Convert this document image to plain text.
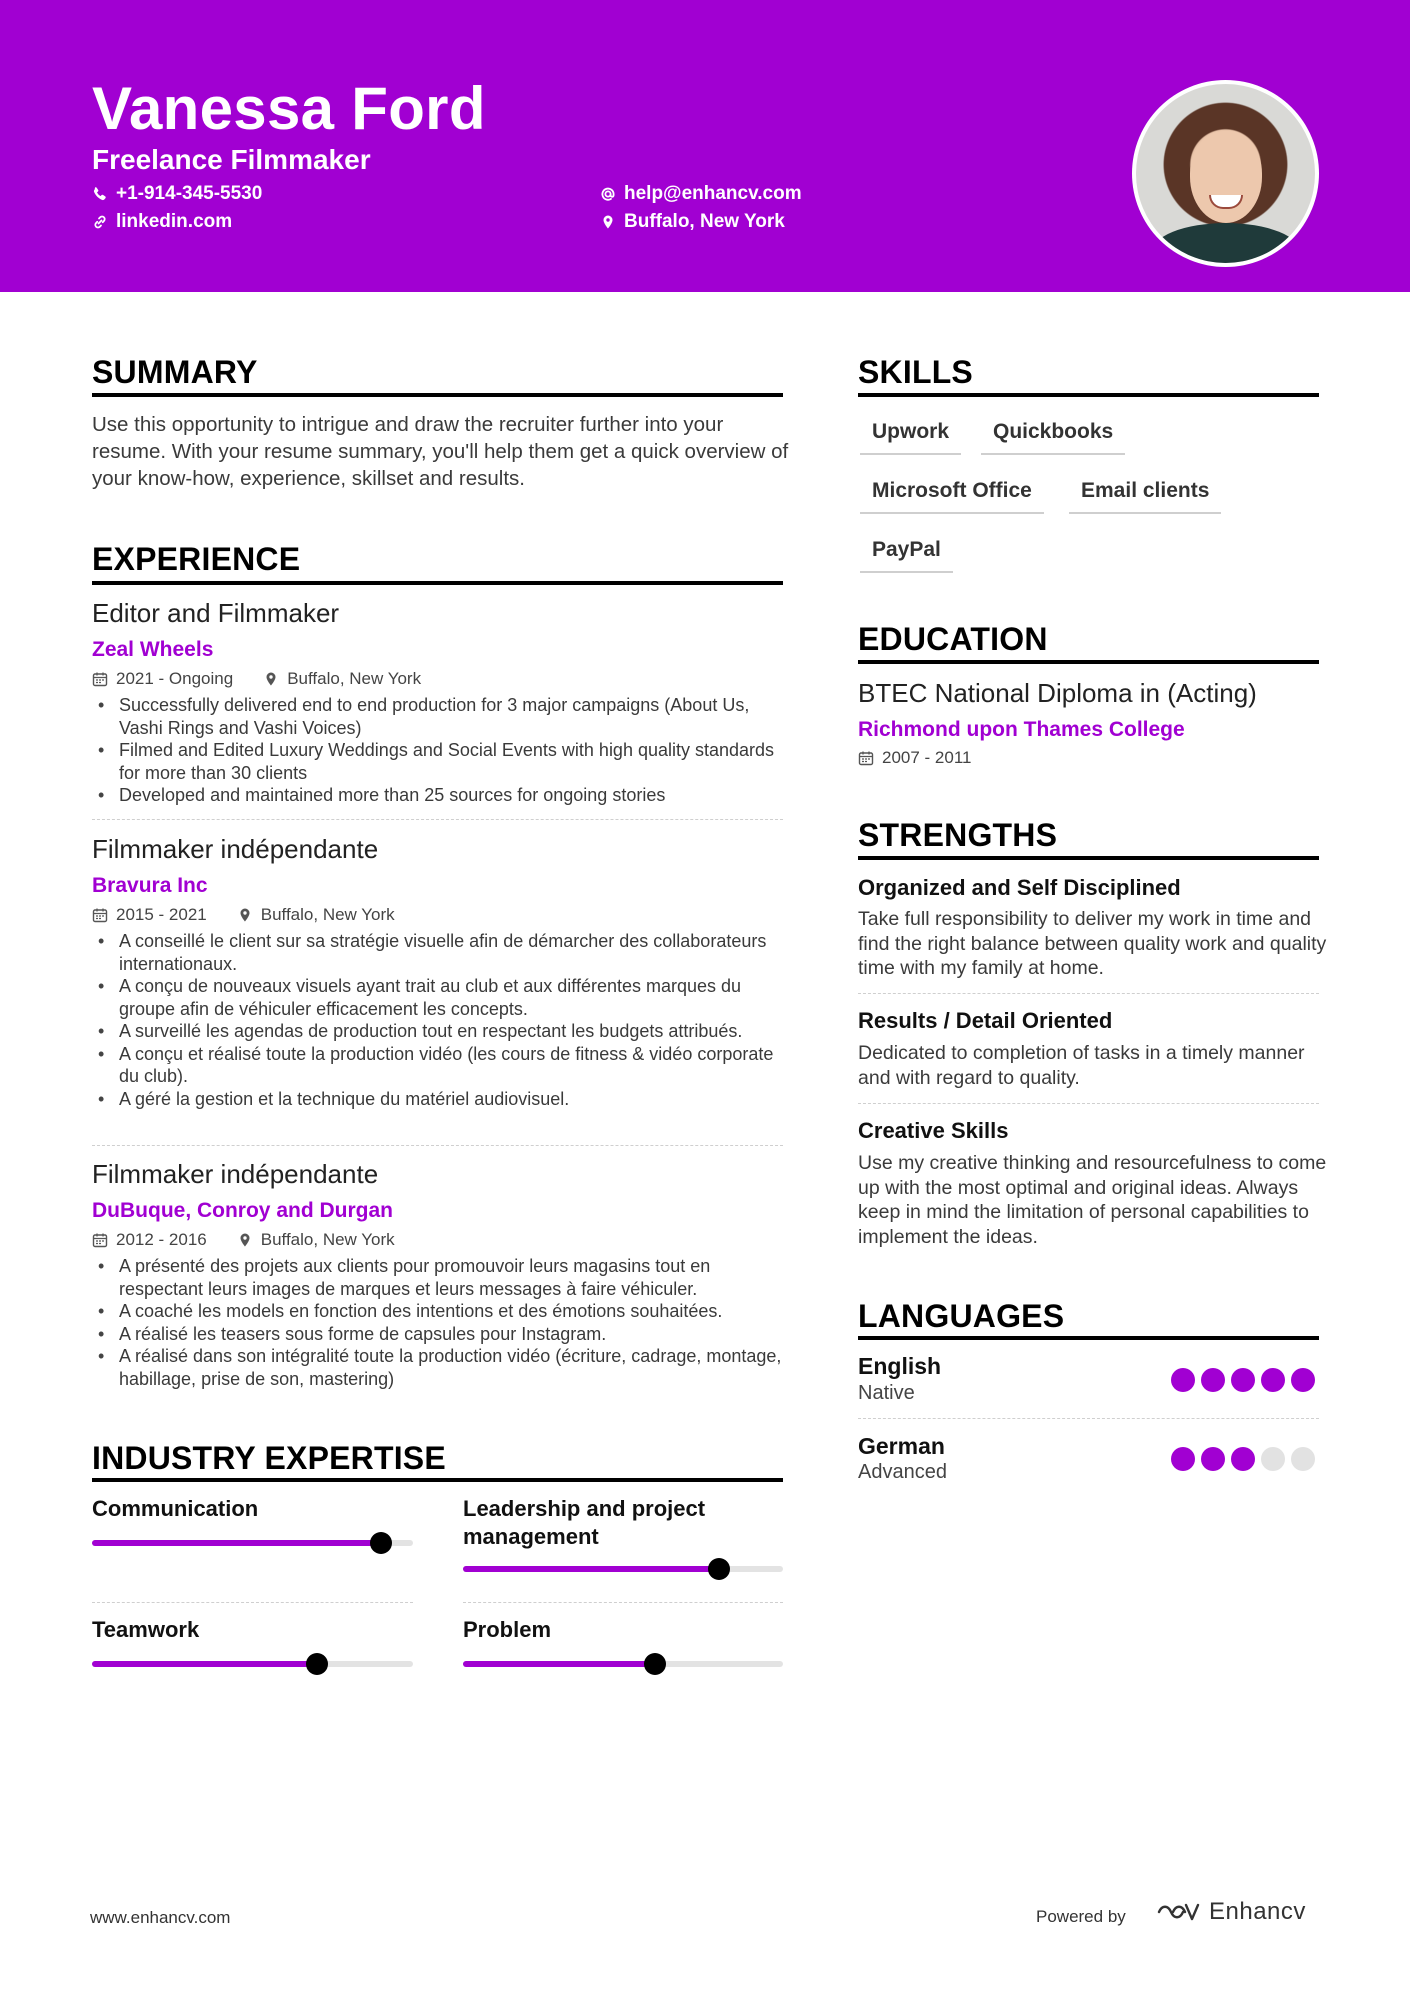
Vanessa Ford
Freelance Filmmaker
+1-914-345-5530	help@enhancv.com
linkedin.com	Buffalo, New York
SUMMARY
Use this opportunity to intrigue and draw the recruiter further into your resume. With your resume summary, you'll help them get a quick overview of your know-how, experience, skillset and results.
EXPERIENCE
Editor and Filmmaker
Zeal Wheels
2021 - Ongoing	Buffalo, New York
• Successfully delivered end to end production for 3 major campaigns (About Us, Vashi Rings and Vashi Voices)
• Filmed and Edited Luxury Weddings and Social Events with high quality standards for more than 30 clients
• Developed and maintained more than 25 sources for ongoing stories
Filmmaker indépendante
Bravura Inc
2015 - 2021	Buffalo, New York
• A conseillé le client sur sa stratégie visuelle afin de démarcher des collaborateurs internationaux.
• A conçu de nouveaux visuels ayant trait au club et aux différentes marques du groupe afin de véhiculer efficacement les concepts.
• A surveillé les agendas de production tout en respectant les budgets attribués.
• A conçu et réalisé toute la production vidéo (les cours de fitness & vidéo corporate du club).
• A géré la gestion et la technique du matériel audiovisuel.
Filmmaker indépendante
DuBuque, Conroy and Durgan
2012 - 2016	Buffalo, New York
• A présenté des projets aux clients pour promouvoir leurs magasins tout en respectant leurs images de marques et leurs messages à faire véhiculer.
• A coaché les models en fonction des intentions et des émotions souhaitées.
• A réalisé les teasers sous forme de capsules pour Instagram.
• A réalisé dans son intégralité toute la production vidéo (écriture, cadrage, montage, habillage, prise de son, mastering)
INDUSTRY EXPERTISE
Communication	Leadership and project management
Teamwork	Problem
SKILLS
Upwork	Quickbooks
Microsoft Office	Email clients
PayPal
EDUCATION
BTEC National Diploma in (Acting)
Richmond upon Thames College
2007 - 2011
STRENGTHS
Organized and Self Disciplined
Take full responsibility to deliver my work in time and find the right balance between quality work and quality time with my family at home.
Results / Detail Oriented
Dedicated to completion of tasks in a timely manner and with regard to quality.
Creative Skills
Use my creative thinking and resourcefulness to come up with the most optimal and original ideas. Always keep in mind the limitation of personal capabilities to implement the ideas.
LANGUAGES
English
Native
German
Advanced
www.enhancv.com	Powered by	Enhancv
